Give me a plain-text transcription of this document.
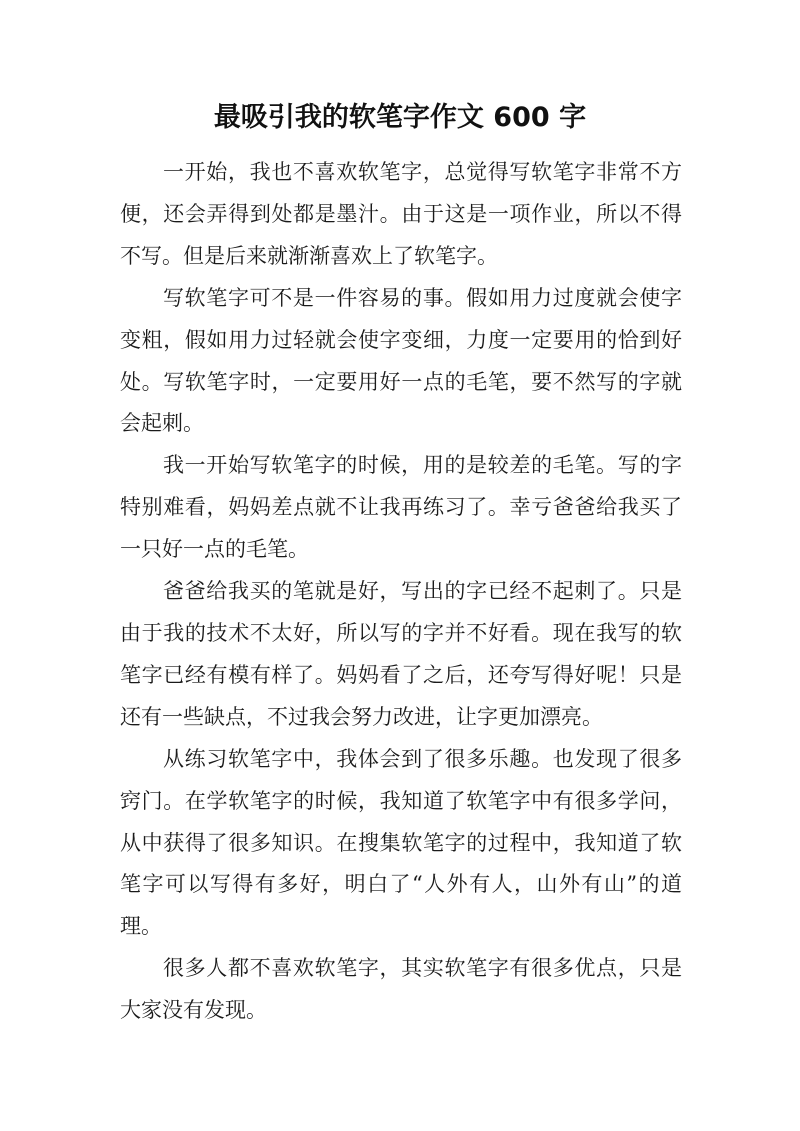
最吸引我的软笔字作文 600 字

一开始，我也不喜欢软笔字，总觉得写软笔字非常不方便，还会弄得到处都是墨汁。由于这是一项作业，所以不得不写。但是后来就渐渐喜欢上了软笔字。

写软笔字可不是一件容易的事。假如用力过度就会使字变粗，假如用力过轻就会使字变细，力度一定要用的恰到好处。写软笔字时，一定要用好一点的毛笔，要不然写的字就会起刺。

我一开始写软笔字的时候，用的是较差的毛笔。写的字特别难看，妈妈差点就不让我再练习了。幸亏爸爸给我买了一只好一点的毛笔。

爸爸给我买的笔就是好，写出的字已经不起刺了。只是由于我的技术不太好，所以写的字并不好看。现在我写的软笔字已经有模有样了。妈妈看了之后，还夸写得好呢！只是还有一些缺点，不过我会努力改进，让字更加漂亮。

从练习软笔字中，我体会到了很多乐趣。也发现了很多窍门。在学软笔字的时候，我知道了软笔字中有很多学问，从中获得了很多知识。在搜集软笔字的过程中，我知道了软笔字可以写得有多好，明白了“人外有人，山外有山”的道理。

很多人都不喜欢软笔字，其实软笔字有很多优点，只是大家没有发现。
